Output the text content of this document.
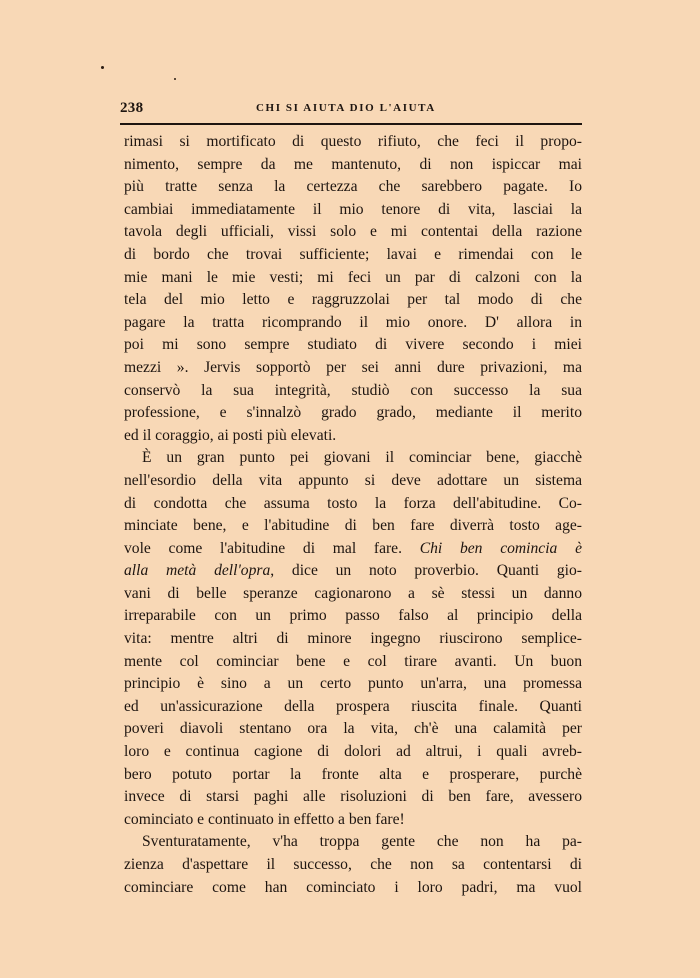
238	CHI SI AIUTA DIO L'AIUTA
rimasi si mortificato di questo rifiuto, che feci il propo-
nimento, sempre da me mantenuto, di non ispiccar mai
più tratte senza la certezza che sarebbero pagate. Io
cambiai immediatamente il mio tenore di vita, lasciai la
tavola degli ufficiali, vissi solo e mi contentai della razione
di bordo che trovai sufficiente; lavai e rimendai con le
mie mani le mie vesti; mi feci un par di calzoni con la
tela del mio letto e raggruzzolai per tal modo di che
pagare la tratta ricomprando il mio onore. D' allora in
poi mi sono sempre studiato di vivere secondo i miei
mezzi ». Jervis sopportò per sei anni dure privazioni, ma
conservò la sua integrità, studiò con successo la sua
professione, e s'innalzò grado grado, mediante il merito
ed il coraggio, ai posti più elevati.
È un gran punto pei giovani il cominciar bene, giacchè
nell'esordio della vita appunto si deve adottare un sistema
di condotta che assuma tosto la forza dell'abitudine. Co-
minciate bene, e l'abitudine di ben fare diverrà tosto age-
vole come l'abitudine di mal fare. Chi ben comincia è
alla metà dell'opra, dice un noto proverbio. Quanti gio-
vani di belle speranze cagionarono a sè stessi un danno
irreparabile con un primo passo falso al principio della
vita: mentre altri di minore ingegno riuscirono semplice-
mente col cominciar bene e col tirare avanti. Un buon
principio è sino a un certo punto un'arra, una promessa
ed un'assicurazione della prospera riuscita finale. Quanti
poveri diavoli stentano ora la vita, ch'è una calamità per
loro e continua cagione di dolori ad altrui, i quali avreb-
bero potuto portar la fronte alta e prosperare, purchè
invece di starsi paghi alle risoluzioni di ben fare, avessero
cominciato e continuato in effetto a ben fare!
Sventuratamente, v'ha troppa gente che non ha pa-
zienza d'aspettare il successo, che non sa contentarsi di
cominciare come han cominciato i loro padri, ma vuol
